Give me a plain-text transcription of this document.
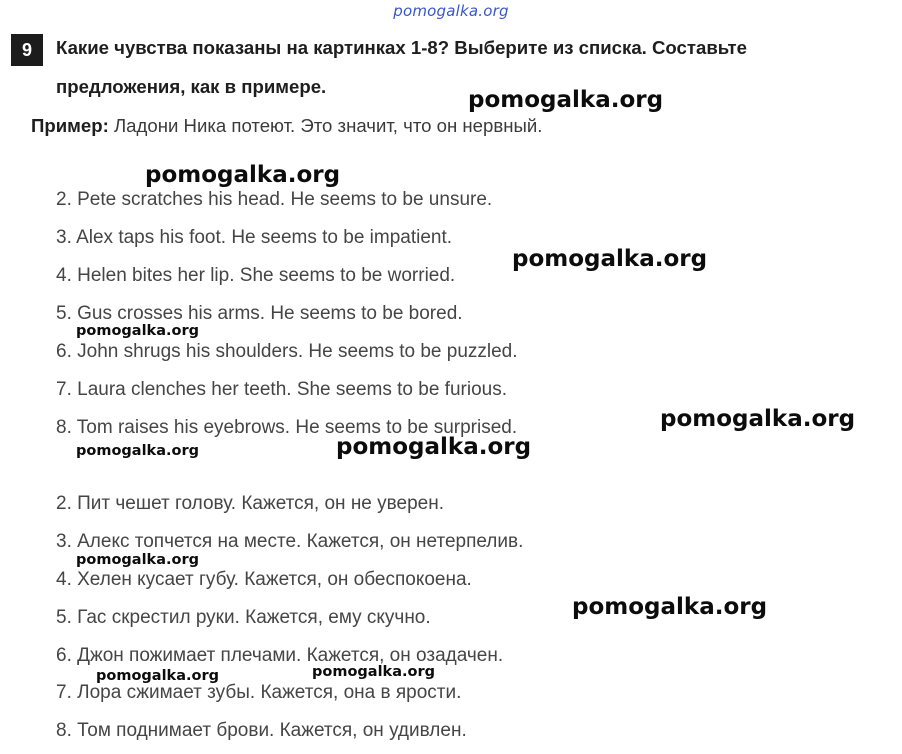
pomogalka.org
9	Какие чувства показаны на картинках 1-8? Выберите из списка. Составьте
предложения, как в примере.
Пример: Ладони Ника потеют. Это значит, что он нервный.
2. Pete scratches his head. He seems to be unsure.
3. Alex taps his foot. He seems to be impatient.
4. Helen bites her lip. She seems to be worried.
5. Gus crosses his arms. He seems to be bored.
6. John shrugs his shoulders. He seems to be puzzled.
7. Laura clenches her teeth. She seems to be furious.
8. Tom raises his eyebrows. He seems to be surprised.
2. Пит чешет голову. Кажется, он не уверен.
3. Алекс топчется на месте. Кажется, он нетерпелив.
4. Хелен кусает губу. Кажется, он обеспокоена.
5. Гас скрестил руки. Кажется, ему скучно.
6. Джон пожимает плечами. Кажется, он озадачен.
7. Лора сжимает зубы. Кажется, она в ярости.
8. Том поднимает брови. Кажется, он удивлен.
pomogalka.org
pomogalka.org
pomogalka.org
pomogalka.org
pomogalka.org
pomogalka.org
pomogalka.org
pomogalka.org
pomogalka.org
pomogalka.org
pomogalka.org
